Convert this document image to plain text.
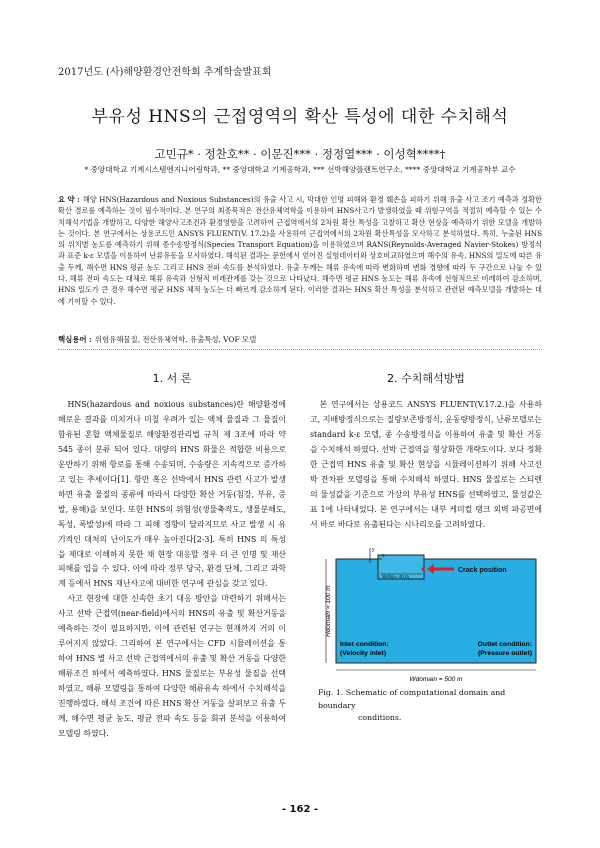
2017년도 (사)해양환경안전학회 추계학술발표회
부유성 HNS의 근접영역의 확산 특성에 대한 수치해석
고민규* · 정찬호** · 이문진*** · 정정열*** · 이성혁****†
* 중앙대학교 기계시스템엔지니어링학과, ** 중앙대학교 기계공학과, *** 선박해양플랜트연구소, **** 중앙대학교 기계공학부 교수
요 약 : 해양 HNS(Hazardous and Noxious Substances)의 유출 사고 시, 막대한 인명 피해와 환경 훼손을 피하기 위해 유출 사고 조기 예측과 정확한 확산 경로를 예측하는 것이 필수적이다. 본 연구의 최종목적은 전산유체역학을 이용하여 HNS사고가 발생하였을 때 위험구역을 적절히 예측할 수 있는 수치해석기법을 개발하고, 다양한 해양사고조건과 환경영향을 고려하여 근접역에서의 2차원 확산 특성을 고찰하고 확산 현상을 예측하기 위한 모델을 개발하는 것이다. 본 연구에서는 상용코드인 ANSYS FLUENT(V. 17.2)을 사용하여 근접역에서의 2차원 확산특성을 모사하고 분석하였다. 특히, 누출된 HNS의 위치별 농도를 예측하기 위해 종수송방정식(Species Transport Equation)을 이용하였으며 RANS(Reynolds-Averaged Navier-Stokes) 방정식과 표준 k-ε 모델을 이용하여 난류유동을 모사하였다. 해석된 결과는 문헌에서 얻어진 실험데이터와 상호비교하였으며 해수의 유속, HNS의 밀도에 따른 유출 두께, 해수면 HNS 평균 농도 그리고 HNS 전파 속도를 분석하였다. 유출 두께는 해류 유속에 따라 변화하며 변화 경향에 따라 두 구간으로 나눌 수 있다. 해류 전파 속도는 대체로 해류 유속과 선형적 비례관계를 갖는 것으로 나타났다. 해수면 평균 HNS 농도는 해류 유속에 선형적으로 비례하여 감소하며, HNS 밀도가 큰 경우 해수면 평균 HNS 체적 농도는 더 빠르게 감소하게 된다. 이러한 결과는 HNS 확산 특성을 분석하고 관련된 예측모델을 개발하는 데에 기여할 수 있다.
핵심용어 : 위험유해물질, 전산유체역학, 유출특성, VOF 모델
1. 서 론

HNS(hazardous and noxious substances)란 해양환경에 해로운 결과를 미치거나 미칠 우려가 있는 액체 물질과 그 물질이 함유된 혼합 액체물질로 해양환경관리법 규칙 제 3조에 따라 약 545 종이 분류 되어 있다. 대량의 HNS 화물은 적합한 비용으로 운반하기 위해 항로를 통해 수송되며, 수송량은 지속적으로 증가하고 있는 추세이다[1]. 항만 혹은 선박에서 HNS 관련 사고가 발생하면 유출 물질의 종류에 따라서 다양한 확산 거동(침강, 부유, 증발, 용해)을 보인다. 또한 HNS의 위험성(생물축적도, 생물분해도, 독성, 폭발성)에 따라 그 피해 경향이 달라지므로 사고 발생 시 유기적인 대처의 난이도가 매우 높아진다[2-3]. 특히 HNS 의 특성을 제대로 이해하지 못한 채 현장 대응할 경우 더 큰 인명 및 재산 피해를 입을 수 있다. 이에 따라 정부 당국, 환경 단체, 그리고 과학계 등에서 HNS 재난사고에 대비한 연구에 관심을 갖고 있다.

사고 현장에 대한 신속한 초기 대응 방안을 마련하기 위해서는 사고 선박 근접역(near-field)에서의 HNS의 유출 및 확산거동을 예측하는 것이 필요하지만, 이에 관련된 연구는 현재까지 거의 이루어지지 않았다. 그리하여 본 연구에서는 CFD 시뮬레이션을 통하여 HNS 별 사고 선박 근접역에서의 유출 및 확산 거동을 다양한 해류조건 하에서 예측하였다. HNS 물질로는 부유성 물질을 선택하였고, 해류 모델링을 통하여 다양한 해류유속 하에서 수치해석을 진행하였다. 해석 조건에 따른 HNS 확산 거동을 살펴보고 유출 두께, 해수면 평균 농도, 평균 전파 속도 등을 회귀 분석을 이용하여 모델링 하였다.

2. 수치해석방법

본 연구에서는 상용코드 ANSYS FLUENT(V.17.2.)을 사용하고, 지배방정식으로는 질량보존방정식, 운동량방정식, 난류모델로는 standard k-ε 모델, 종 수송방정식을 이용하여 유출 및 확산 거동을 수치해석 하였다. 선박 근접역을 형상화한 개략도이다. 보다 정확한 근접역 HNS 유출 및 확산 현상을 시뮬레이션하기 위해 사고선박 잔차판 모델링을 통해 수치해석 하였다. HNS 물질로는 스티렌의 물성값을 기준으로 가상의 부유성 HNS를 선택하였고, 물성값은 표 1에 나타내었다. 본 연구에서는 내부 케미컬 탱크 외벽 파공면에서 바로 바다로 유출된다는 시나리오를 고려하였다.

Wship= 40 m
y
x
Crack position
Hdomain = 100 m
Inlet condition:
(Velocity inlet)
Outlet condition:
(Pressure outlet)
Wdomain = 500 m
Fig. 1. Schematic of computational domain and boundary
conditions.
- 162 -
